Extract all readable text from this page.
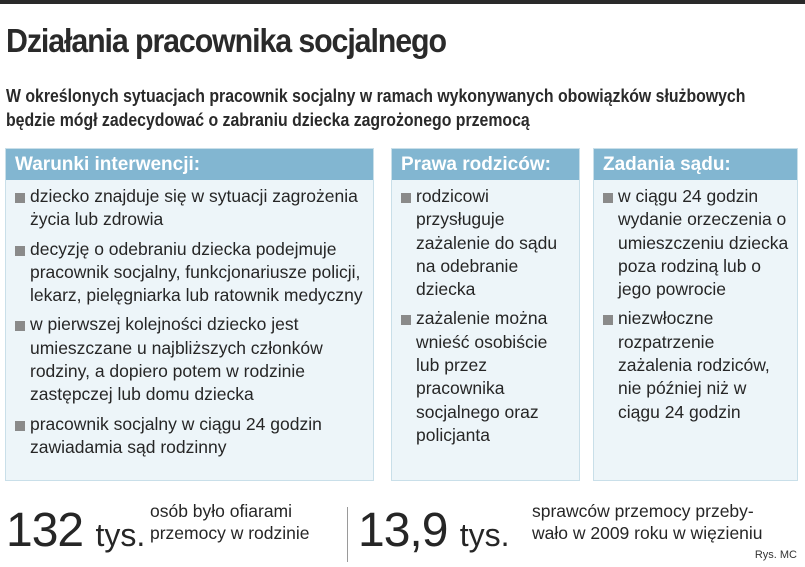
Działania pracownika socjalnego
W określonych sytuacjach pracownik socjalny w ramach wykonywanych obowiązków służbowych będzie mógł zadecydować o zabraniu dziecka zagrożonego przemocą
Warunki interwencji:
dziecko znajduje się w sytuacji zagrożenia życia lub zdrowia
decyzję o odebraniu dziecka podejmuje pracownik socjalny, funkcjonariusze policji, lekarz, pielęgniarka lub ratownik medyczny
w pierwszej kolejności dziecko jest umieszczane u najbliższych członków rodziny, a dopiero potem w rodzinie zastępczej lub domu dziecka
pracownik socjalny w ciągu 24 godzin zawiadamia sąd rodzinny
Prawa rodziców:
rodzicowi przysługuje zażalenie do sądu na odebranie dziecka
zażalenie można wnieść osobiście lub przez pracownika socjalnego oraz policjanta
Zadania sądu:
w ciągu 24 godzin wydanie orzeczenia o umieszczeniu dziecka poza rodziną lub o jego powrocie
niezwłoczne rozpatrzenie zażalenia rodziców, nie później niż w ciągu 24 godzin
132 tys.
osób było ofiarami
przemocy w rodzinie 13,9 tys.
sprawców przemocy przeby-
wało w 2009 roku w więzieniu
Rys. MC
